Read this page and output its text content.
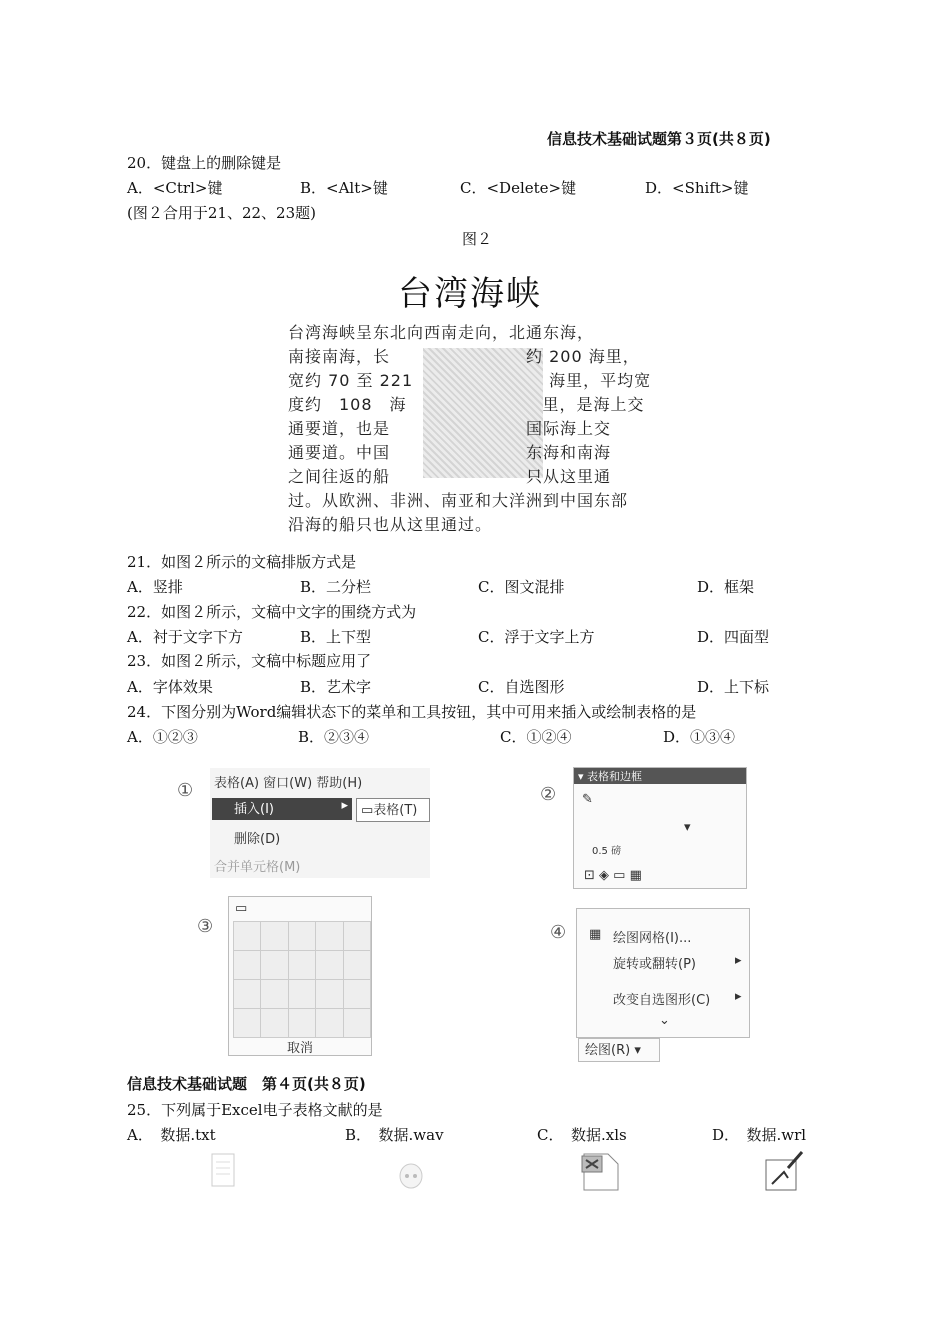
信息技术基础试题第３页(共８页)
20．键盘上的删除键是
A．<Ctrl>键	B．<Alt>键	C．<Delete>键	D．<Shift>键
(图２合用于21、22、23题)
图２
台湾海峡
台湾海峡呈东北向西南走向，北通东海，
南接南海，长　　　　　　　　约 200 海里，
宽约 70 至 221　　　　　　　　海里，平均宽
度约　108　海　　　　　　　　里，是海上交
通要道，也是　　　　　　　　国际海上交
通要道。中国　　　　　　　　东海和南海
之间往返的船　　　　　　　　只从这里通
过。从欧洲、非洲、南亚和大洋洲到中国东部
沿海的船只也从这里通过。
21．如图２所示的文稿排版方式是
A．竖排	B．二分栏	C．图文混排	D．框架
22．如图２所示，文稿中文字的围绕方式为
A．衬于文字下方	B．上下型	C．浮于文字上方	D．四面型
23．如图２所示，文稿中标题应用了
A．字体效果	B．艺术字	C．自选图形	D．上下标
24．下图分别为Word编辑状态下的菜单和工具按钮，其中可用来插入或绘制表格的是
A．①②③	B．②③④	C．①②④	D．①③④
① 表格(A) 窗口(W) 帮助(H)
插入(I)	▸	▭表格(T)
删除(D)
合并单元格(M)
②
▾ 表格和边框
✎
▾
0.5 磅
⊡ ◈ ▭ ▦
③
▭

取消
④ ▦ 绘图网格(I)...
旋转或翻转(P)	▸
改变自选图形(C) ▸
⌄
绘图(R) ▾
信息技术基础试题　第４页(共８页)
25．下列属于Excel电子表格文献的是
A．　数据.txt	B．　数据.wav	C．　数据.xls	D．　数据.wrl
